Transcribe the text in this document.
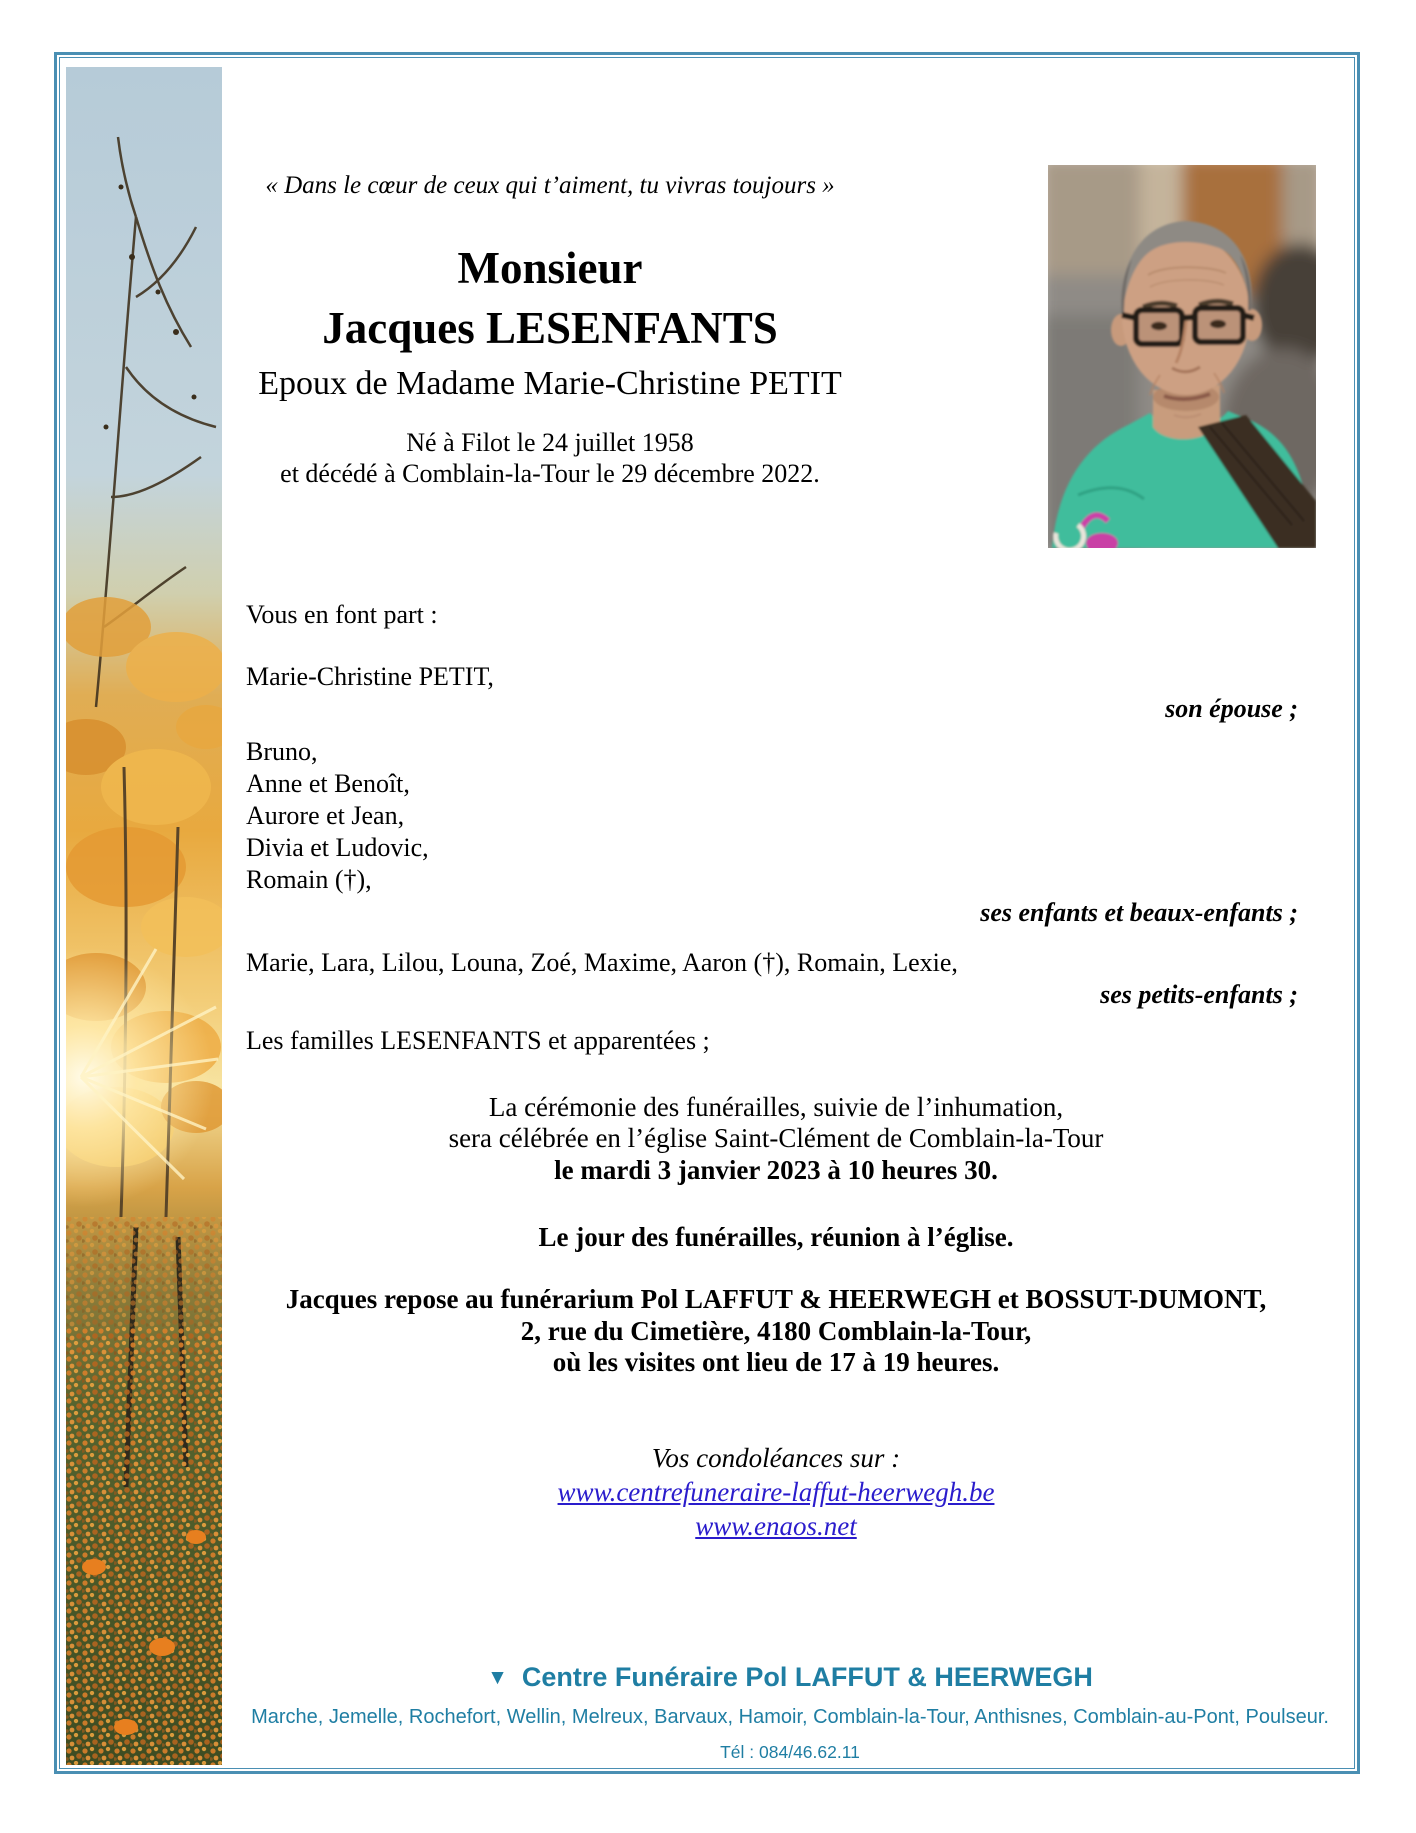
« Dans le cœur de ceux qui t’aiment, tu vivras toujours »
Monsieur
Jacques LESENFANTS
Epoux de Madame Marie-Christine PETIT
Né à Filot le 24 juillet 1958
et décédé à Comblain-la-Tour le 29 décembre 2022.
Vous en font part :
Marie-Christine PETIT,
son épouse ;
Bruno,
Anne et Benoît,
Aurore et Jean,
Divia et Ludovic,
Romain (†),
ses enfants et beaux-enfants ;
Marie, Lara, Lilou, Louna, Zoé, Maxime, Aaron (†), Romain, Lexie,
ses petits-enfants ;
Les familles LESENFANTS et apparentées ;
La cérémonie des funérailles, suivie de l’inhumation,
sera célébrée en l’église Saint-Clément de Comblain-la-Tour
le mardi 3 janvier 2023 à 10 heures 30.
Le jour des funérailles, réunion à l’église.
Jacques repose au funérarium Pol LAFFUT & HEERWEGH et BOSSUT-DUMONT,
2, rue du Cimetière, 4180 Comblain-la-Tour,
où les visites ont lieu de 17 à 19 heures.
Vos condoléances sur :
www.centrefuneraire-laffut-heerwegh.be
www.enaos.net
▼ Centre Funéraire Pol LAFFUT & HEERWEGH
Marche, Jemelle, Rochefort, Wellin, Melreux, Barvaux, Hamoir, Comblain-la-Tour, Anthisnes, Comblain-au-Pont, Poulseur.
Tél : 084/46.62.11
